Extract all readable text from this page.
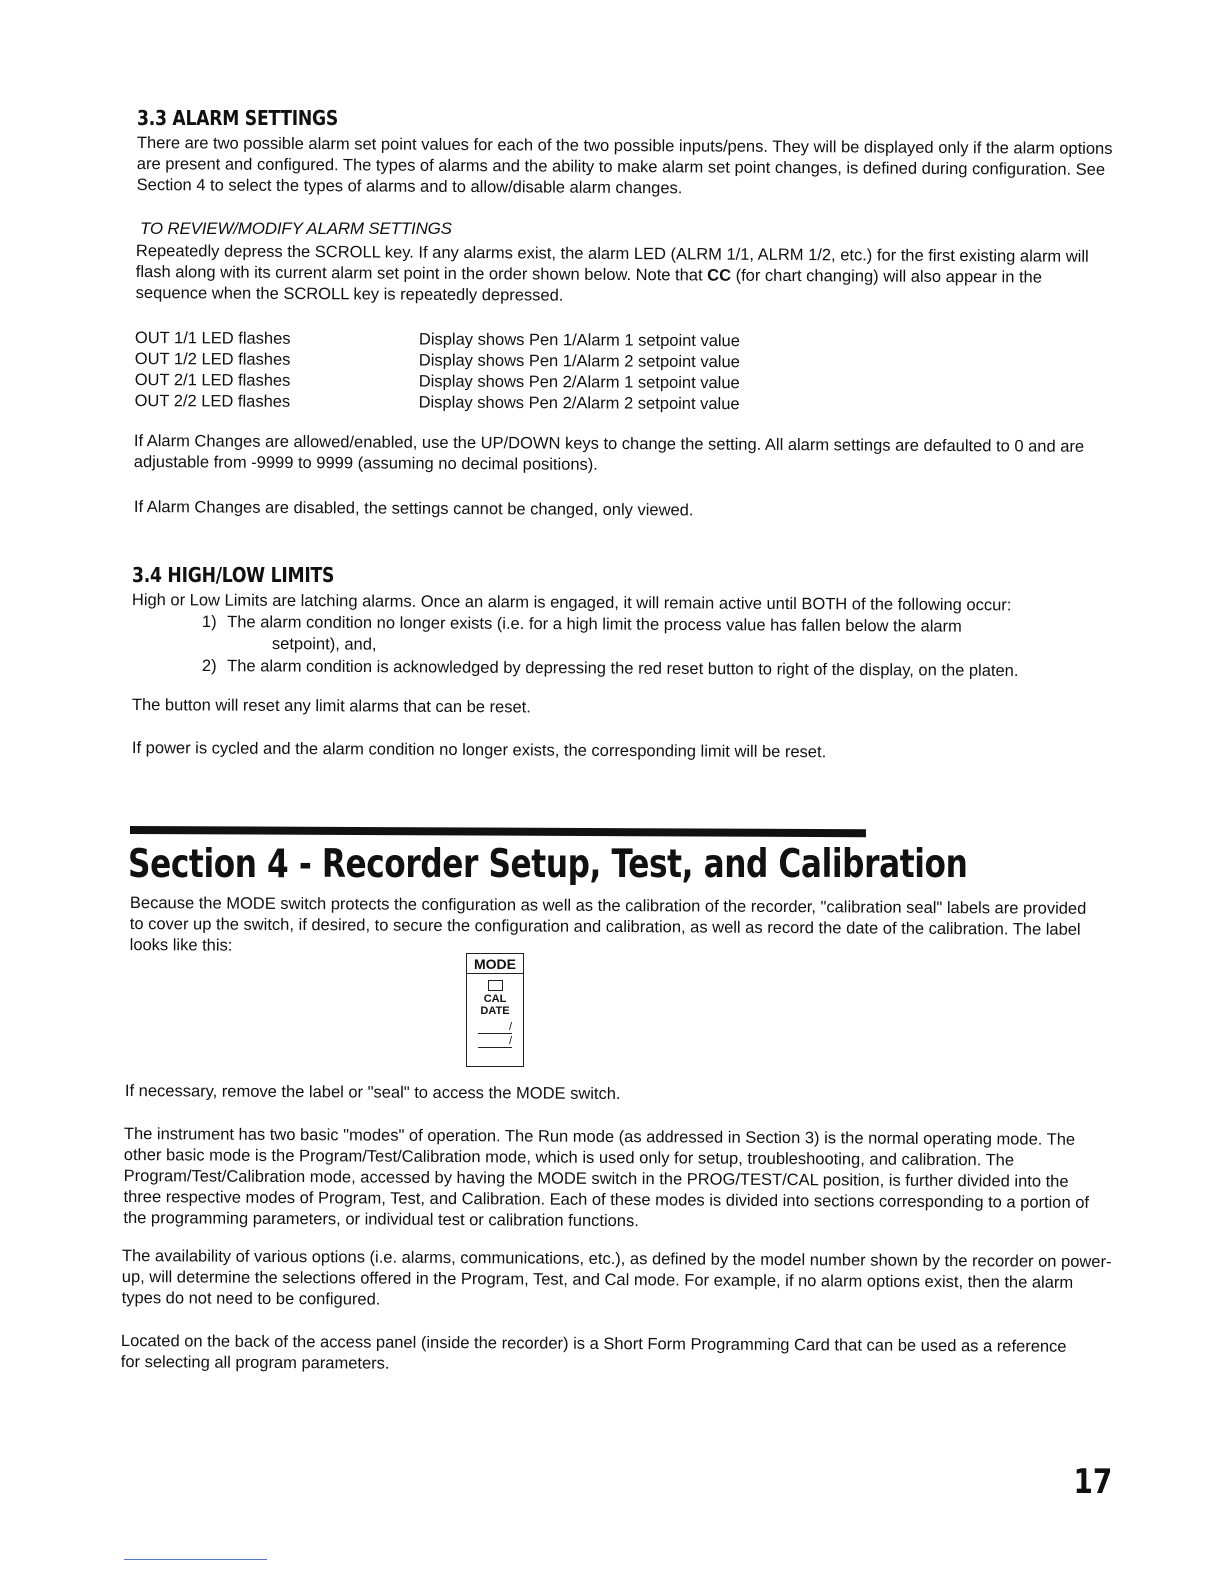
3.3 ALARM SETTINGS
There are two possible alarm set point values for each of the two possible inputs/pens. They will be displayed only if the alarm options are present and configured. The types of alarms and the ability to make alarm set point changes, is defined during configuration. See Section 4 to select the types of alarms and to allow/disable alarm changes.
TO REVIEW/MODIFY ALARM SETTINGS
Repeatedly depress the SCROLL key. If any alarms exist, the alarm LED (ALRM 1/1, ALRM 1/2, etc.) for the first existing alarm will flash along with its current alarm set point in the order shown below. Note that CC (for chart changing) will also appear in the sequence when the SCROLL key is repeatedly depressed.
OUT 1/1 LED flashes	Display shows Pen 1/Alarm 1 setpoint value
OUT 1/2 LED flashes	Display shows Pen 1/Alarm 2 setpoint value
OUT 2/1 LED flashes	Display shows Pen 2/Alarm 1 setpoint value
OUT 2/2 LED flashes	Display shows Pen 2/Alarm 2 setpoint value
If Alarm Changes are allowed/enabled, use the UP/DOWN keys to change the setting. All alarm settings are defaulted to 0 and are adjustable from -9999 to 9999 (assuming no decimal positions).
If Alarm Changes are disabled, the settings cannot be changed, only viewed.
3.4 HIGH/LOW LIMITS
High or Low Limits are latching alarms. Once an alarm is engaged, it will remain active until BOTH of the following occur:
1) The alarm condition no longer exists (i.e. for a high limit the process value has fallen below the alarm
setpoint), and,
2) The alarm condition is acknowledged by depressing the red reset button to right of the display, on the platen.
The button will reset any limit alarms that can be reset.
If power is cycled and the alarm condition no longer exists, the corresponding limit will be reset.
Section 4 - Recorder Setup, Test, and Calibration
Because the MODE switch protects the configuration as well as the calibration of the recorder, "calibration seal" labels are provided to cover up the switch, if desired, to secure the configuration and calibration, as well as record the date of the calibration. The label looks like this:
MODE
CAL
DATE
/
/
If necessary, remove the label or "seal" to access the MODE switch.
The instrument has two basic "modes" of operation. The Run mode (as addressed in Section 3) is the normal operating mode. The other basic mode is the Program/Test/Calibration mode, which is used only for setup, troubleshooting, and calibration. The Program/Test/Calibration mode, accessed by having the MODE switch in the PROG/TEST/CAL position, is further divided into the three respective modes of Program, Test, and Calibration. Each of these modes is divided into sections corresponding to a portion of the programming parameters, or individual test or calibration functions.
The availability of various options (i.e. alarms, communications, etc.), as defined by the model number shown by the recorder on power-up, will determine the selections offered in the Program, Test, and Cal mode. For example, if no alarm options exist, then the alarm types do not need to be configured.
Located on the back of the access panel (inside the recorder) is a Short Form Programming Card that can be used as a reference for selecting all program parameters.
17
